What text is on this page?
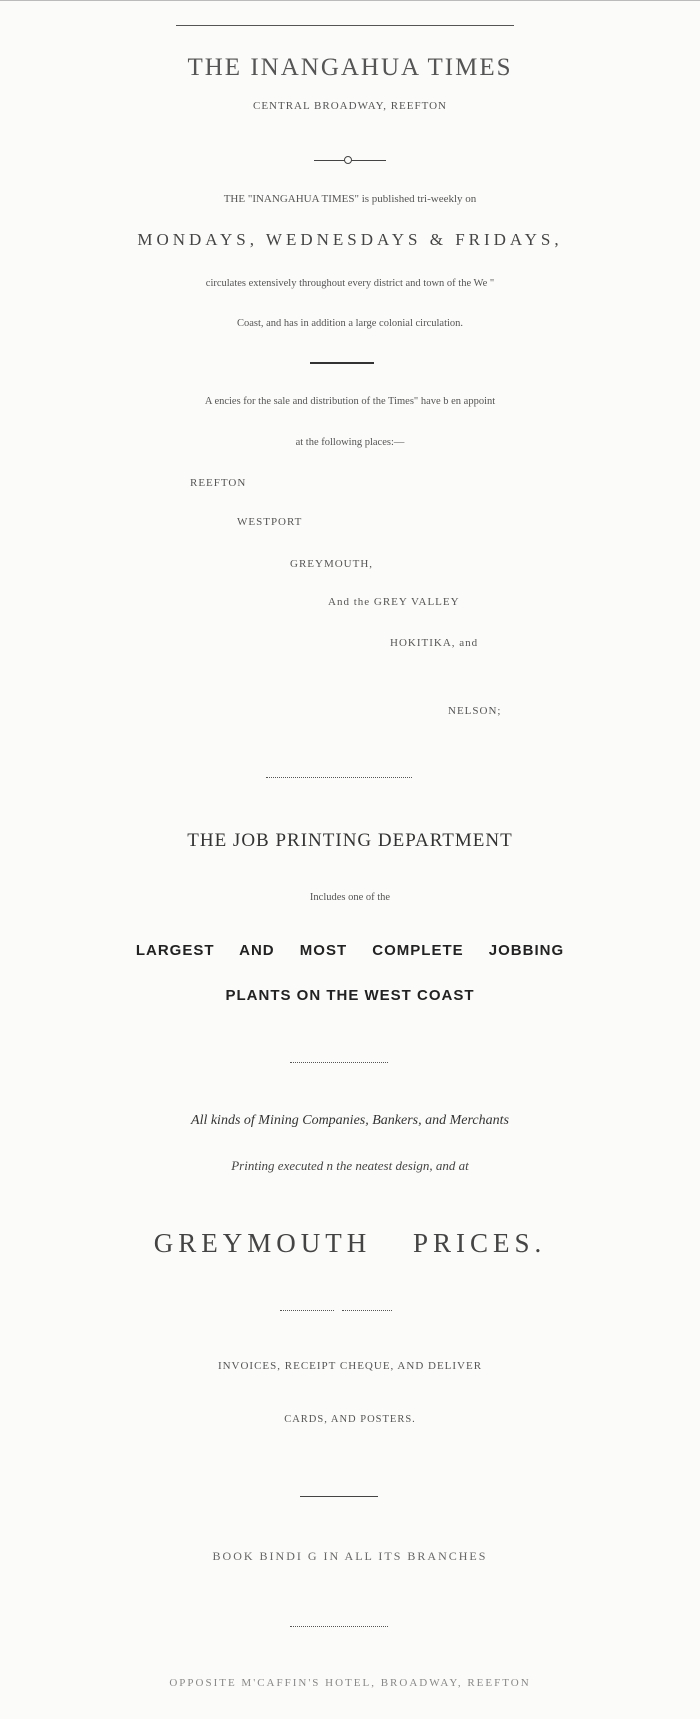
THE INANGAHUA TIMES
CENTRAL BROADWAY, REEFTON
THE "INANGAHUA TIMES" is published tri-weekly on
MONDAYS, WEDNESDAYS & FRIDAYS,
circulates extensively throughout every district and town of the We "
Coast, and has in addition a large colonial circulation.
A encies for the sale and distribution of the Times" have b en appoint
at the following places:—
REEFTON
WESTPORT
GREYMOUTH,
And the GREY VALLEY
HOKITIKA, and
NELSON;
THE JOB PRINTING DEPARTMENT
Includes one of the
LARGEST AND MOST COMPLETE JOBBING
PLANTS ON THE WEST COAST
All kinds of Mining Companies, Bankers, and Merchants
Printing executed n the neatest design, and at
GREYMOUTH PRICES.
INVOICES, RECEIPT CHEQUE, AND DELIVER
CARDS, AND POSTERS.
BOOK BINDI G IN ALL ITS BRANCHES
OPPOSITE M'CAFFIN'S HOTEL, BROADWAY, REEFTON
